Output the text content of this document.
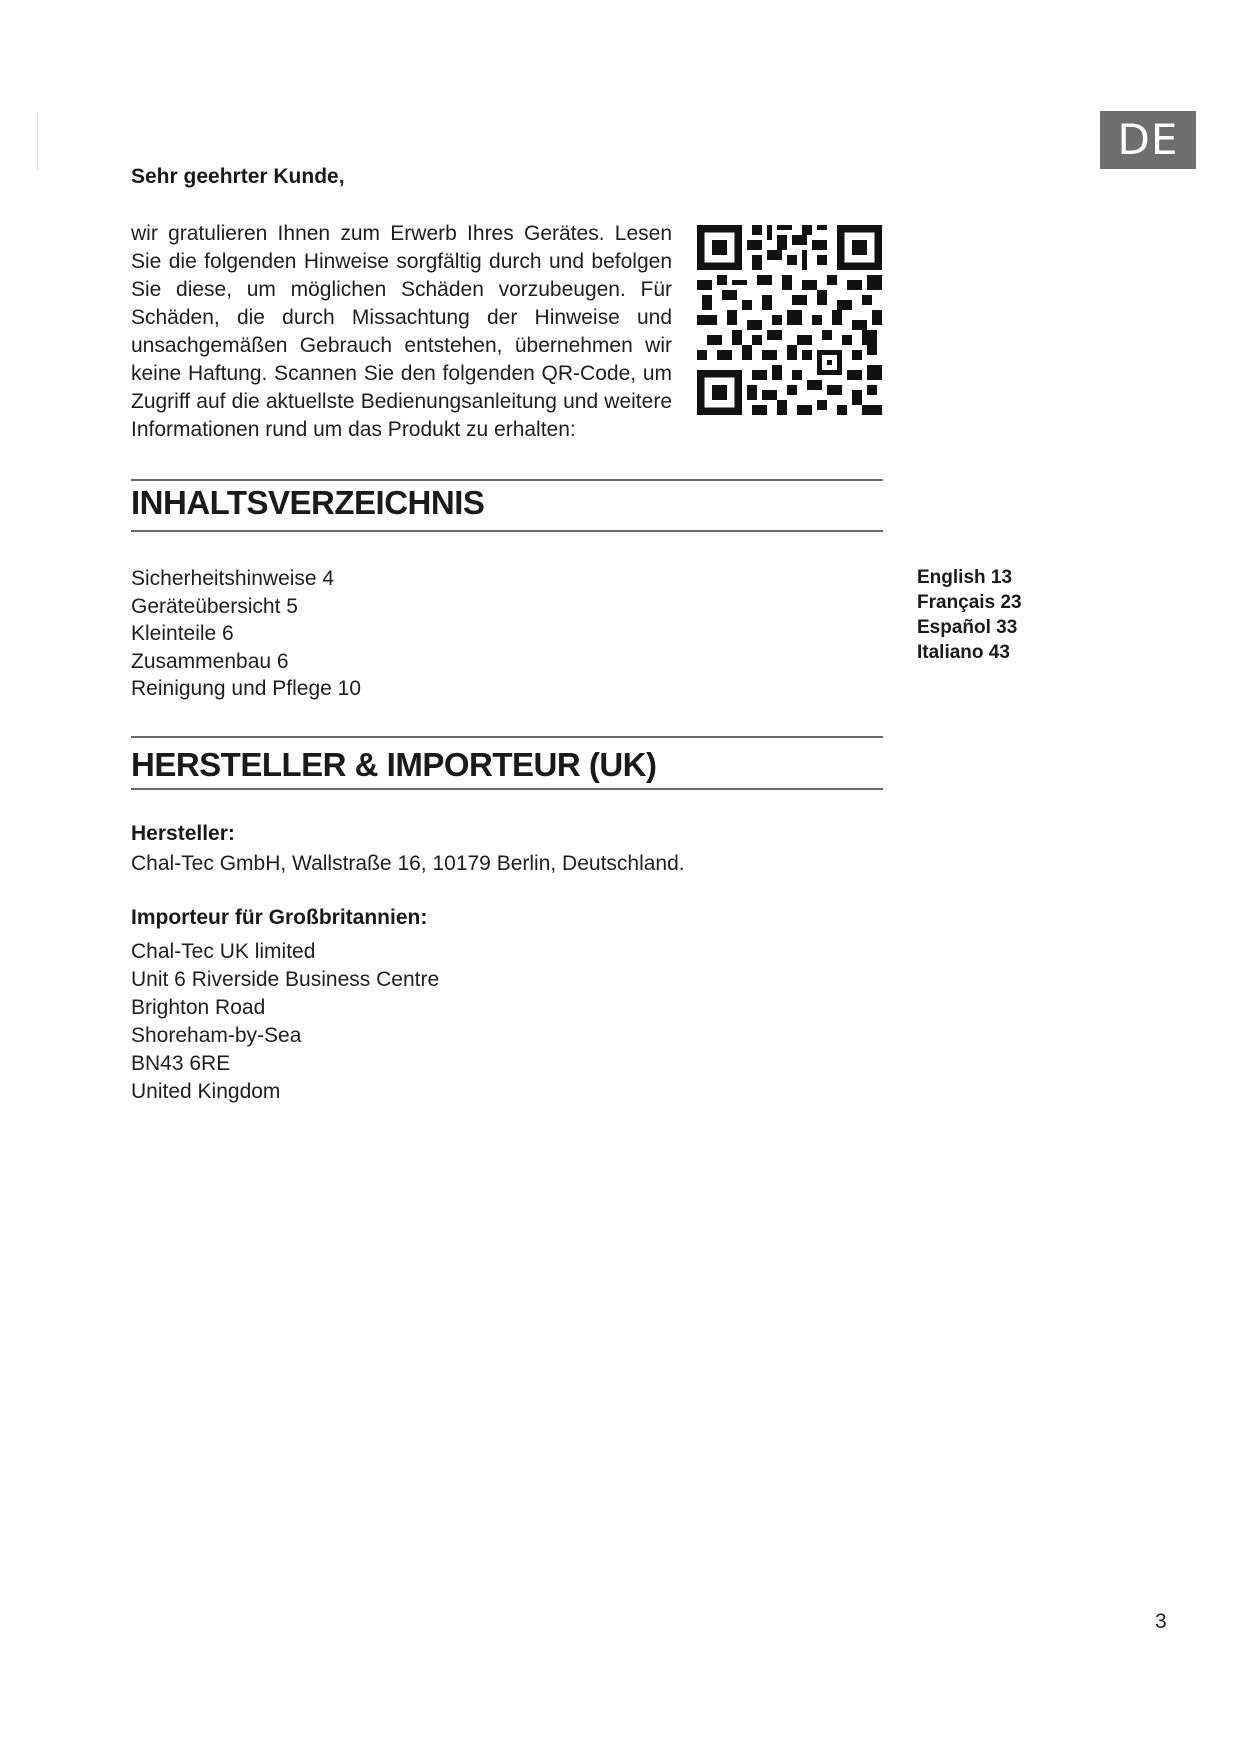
DE
Sehr geehrter Kunde,
wir gratulieren Ihnen zum Erwerb Ihres Gerätes. Lesen Sie die folgenden Hinweise sorgfältig durch und befolgen Sie diese, um möglichen Schäden vorzubeugen. Für Schäden, die durch Missachtung der Hinweise und unsachgemäßen Gebrauch entstehen, übernehmen wir keine Haftung. Scannen Sie den folgenden QR-Code, um Zugriff auf die aktuellste Bedienungsanleitung und weitere Informationen rund um das Produkt zu erhalten:
INHALTSVERZEICHNIS
Sicherheitshinweise 4
Geräteübersicht 5
Kleinteile 6
Zusammenbau 6
Reinigung und Pflege 10
English 13
Français 23
Español 33
Italiano 43
HERSTELLER & IMPORTEUR (UK)
Hersteller:
Chal-Tec GmbH, Wallstraße 16, 10179 Berlin, Deutschland.
Importeur für Großbritannien:
Chal-Tec UK limited
Unit 6 Riverside Business Centre
Brighton Road
Shoreham-by-Sea
BN43 6RE
United Kingdom
3
